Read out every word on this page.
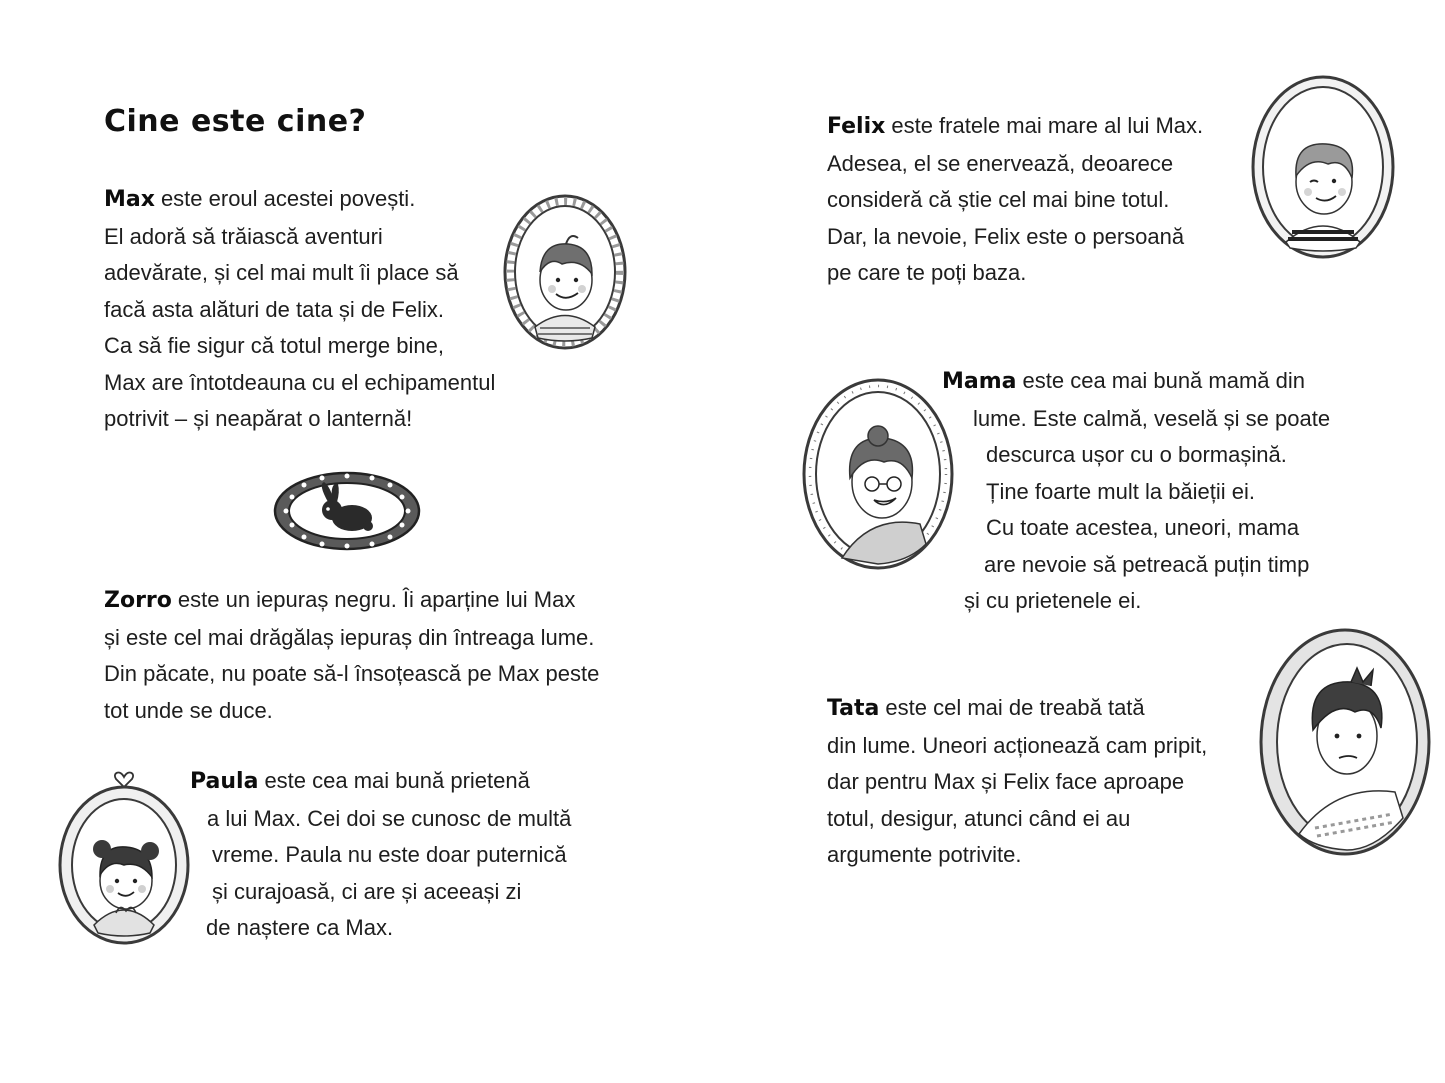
Cine este cine?
Max este eroul acestei povești.
El adoră să trăiască aventuri
adevărate, și cel mai mult îi place să
facă asta alături de tata și de Felix.
Ca să fie sigur că totul merge bine,
Max are întotdeauna cu el echipamentul
potrivit – și neapărat o lanternă!
Zorro este un iepuraș negru. Îi aparține lui Max
și este cel mai drăgălaș iepuraș din întreaga lume.
Din păcate, nu poate să-l însoțească pe Max peste
tot unde se duce.
Paula este cea mai bună prietenă
a lui Max. Cei doi se cunosc de multă
vreme. Paula nu este doar puternică
și curajoasă, ci are și aceeași zi
de naștere ca Max.
Felix este fratele mai mare al lui Max.
Adesea, el se enervează, deoarece
consideră că știe cel mai bine totul.
Dar, la nevoie, Felix este o persoană
pe care te poți baza.
Mama este cea mai bună mamă din
lume. Este calmă, veselă și se poate
descurca ușor cu o bormașină.
Ține foarte mult la băieții ei.
Cu toate acestea, uneori, mama
are nevoie să petreacă puțin timp
și cu prietenele ei.
Tata este cel mai de treabă tată
din lume. Uneori acționează cam pripit,
dar pentru Max și Felix face aproape
totul, desigur, atunci când ei au
argumente potrivite.
